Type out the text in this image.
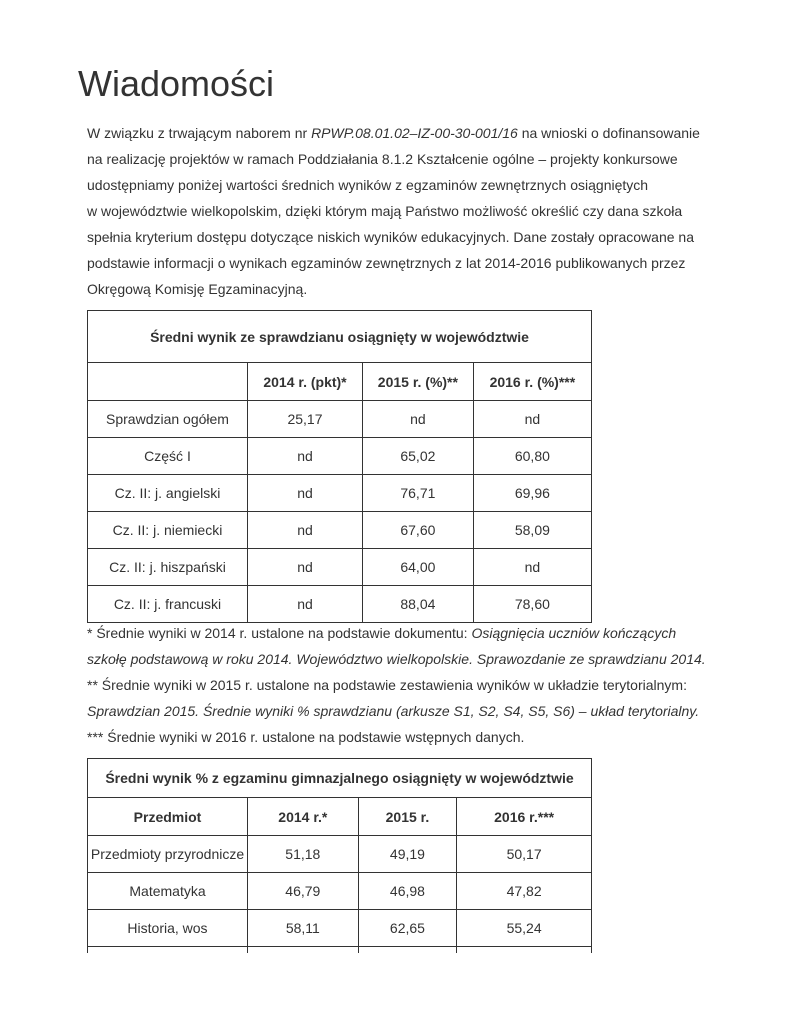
Wiadomości

W związku z trwającym naborem nr RPWP.08.01.02–IZ-00-30-001/16 na wnioski o dofinansowanie
na realizację projektów w ramach Poddziałania 8.1.2 Kształcenie ogólne – projekty konkursowe
udostępniamy poniżej wartości średnich wyników z egzaminów zewnętrznych osiągniętych
w województwie wielkopolskim, dzięki którym mają Państwo możliwość określić czy dana szkoła
spełnia kryterium dostępu dotyczące niskich wyników edukacyjnych. Dane zostały opracowane na
podstawie informacji o wynikach egzaminów zewnętrznych z lat 2014-2016 publikowanych przez
Okręgową Komisję Egzaminacyjną.

Średni wynik ze sprawdzianu osiągnięty w województwie			
	2014 r. (pkt)*	2015 r. (%)**	2016 r. (%)***
Sprawdzian ogółem	25,17	nd	nd
Część I	nd	65,02	60,80
Cz. II: j. angielski	nd	76,71	69,96
Cz. II: j. niemiecki	nd	67,60	58,09
Cz. II: j. hiszpański	nd	64,00	nd
Cz. II: j. francuski	nd	88,04	78,60

* Średnie wyniki w 2014 r. ustalone na podstawie dokumentu: Osiągnięcia uczniów kończących
szkołę podstawową w roku 2014. Województwo wielkopolskie. Sprawozdanie ze sprawdzianu 2014.
** Średnie wyniki w 2015 r. ustalone na podstawie zestawienia wyników w układzie terytorialnym:
Sprawdzian 2015. Średnie wyniki % sprawdzianu (arkusze S1, S2, S4, S5, S6) – układ terytorialny.
*** Średnie wyniki w 2016 r. ustalone na podstawie wstępnych danych.

Średni wynik % z egzaminu gimnazjalnego osiągnięty w województwie			
Przedmiot	2014 r.*	2015 r.	2016 r.***
Przedmioty przyrodnicze	51,18	49,19	50,17
Matematyka	46,79	46,98	47,82
Historia, wos	58,11	62,65	55,24
